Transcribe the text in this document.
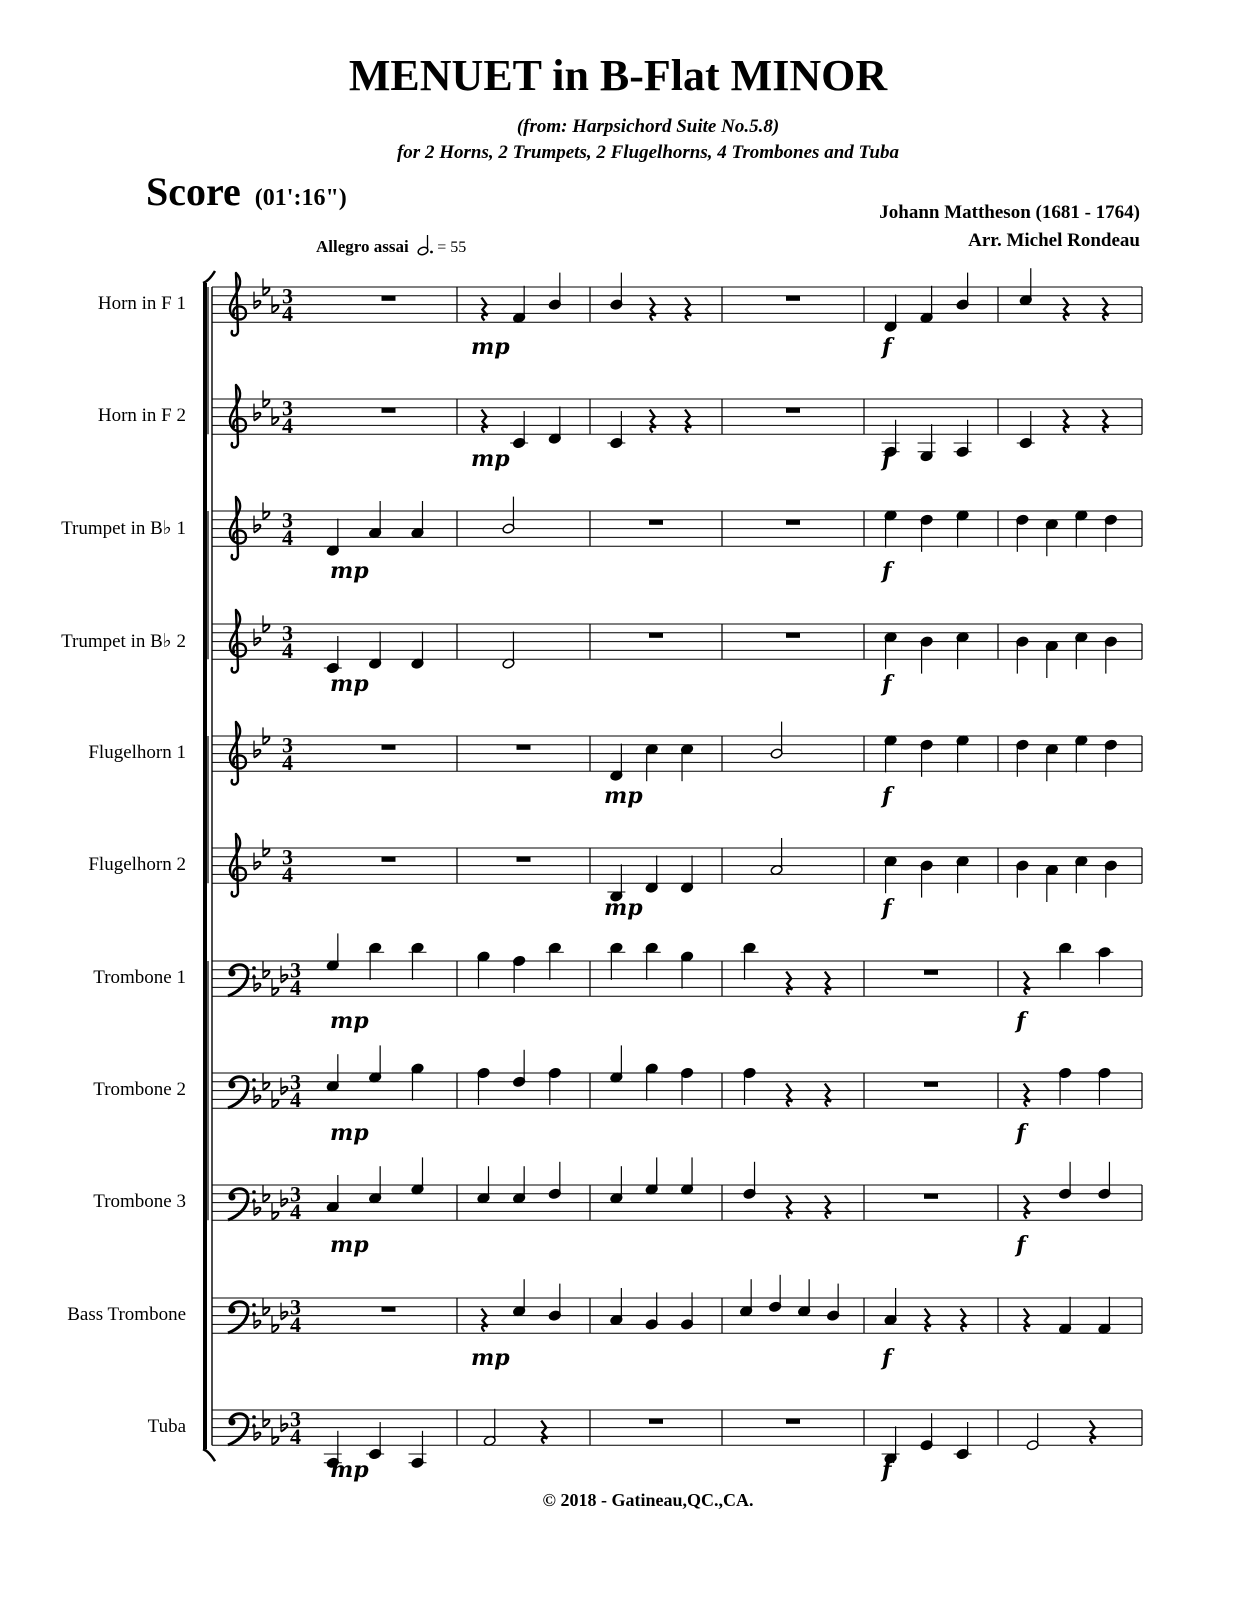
MENUET in B-Flat MINOR
(from: Harpsichord Suite No.5.8)
for 2 Horns, 2 Trumpets, 2 Flugelhorns, 4 Trombones and Tuba
Score (01':16")
Johann Mattheson (1681 - 1764)
Arr. Michel Rondeau
Allegro assai = 55
Horn in F 1
Horn in F 2
Trumpet in B♭ 1
Trumpet in B♭ 2
Flugelhorn 1
Flugelhorn 2
Trombone 1
Trombone 2
Trombone 3
Bass Trombone
Tuba
3
4
mp	f
3
4
mp	f
3
4
mp	f
3
4
mp	f
3
4
mp	f
3
4
mp	f
3
4
mp	f
3
4
mp	f
3
4
mp	f
3
4
mp	f
3
4
mp	f
© 2018 - Gatineau,QC.,CA.
